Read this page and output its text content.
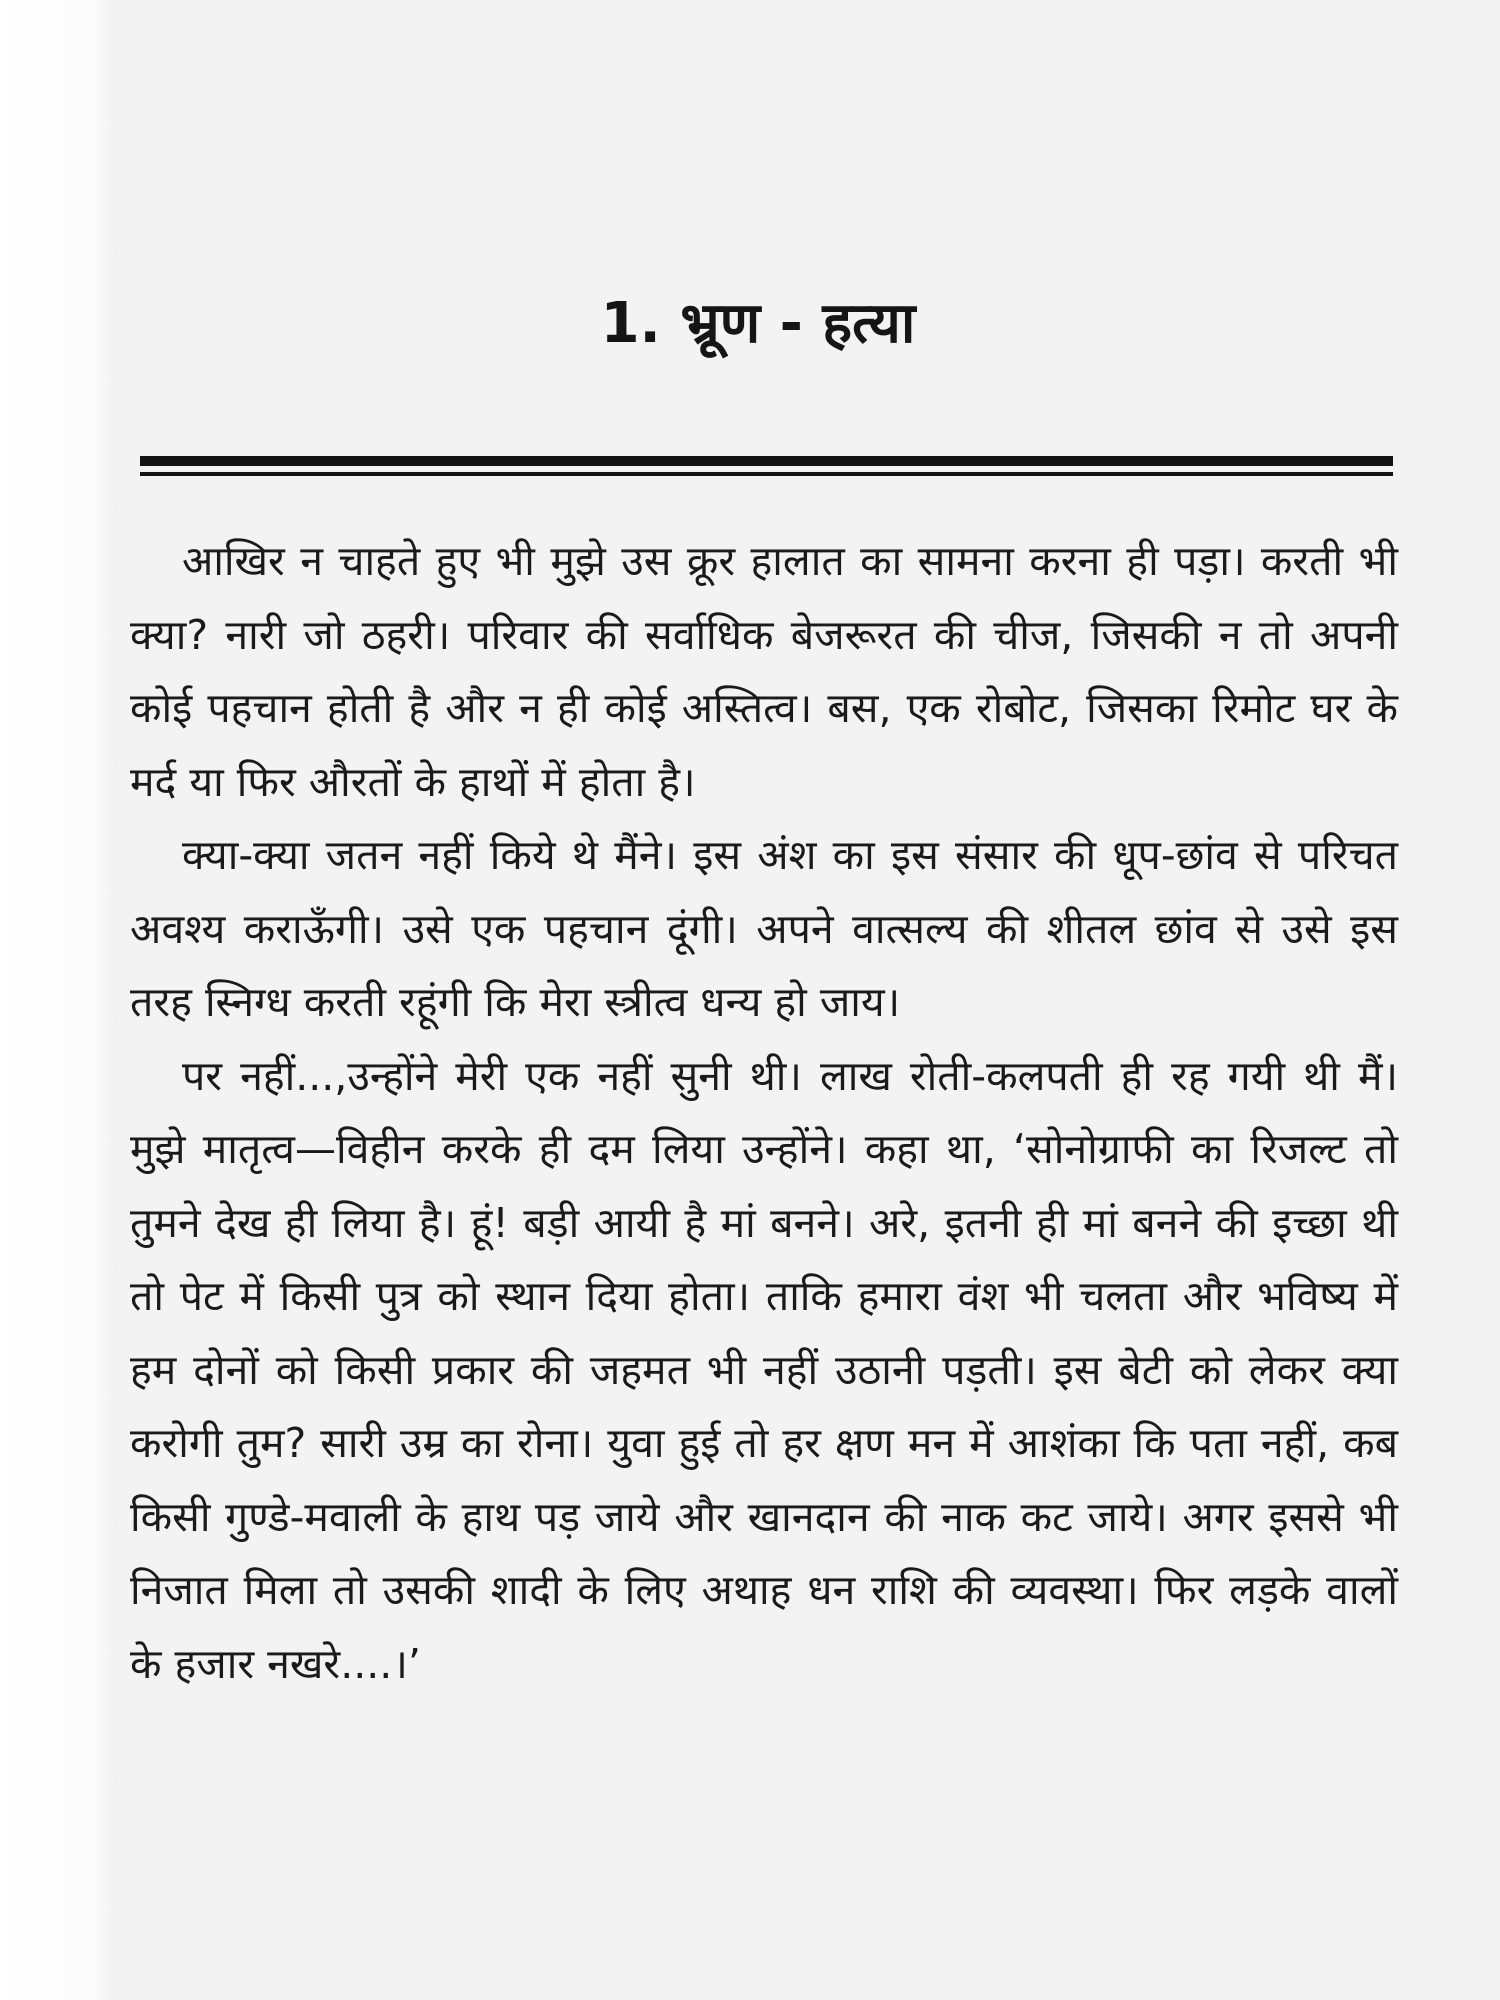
1. भ्रूण - हत्या

आखिर न चाहते हुए भी मुझे उस क्रूर हालात का सामना करना ही पड़ा। करती भी क्या? नारी जो ठहरी। परिवार की सर्वाधिक बेजरूरत की चीज, जिसकी न तो अपनी कोई पहचान होती है और न ही कोई अस्तित्व। बस, एक रोबोट, जिसका रिमोट घर के मर्द या फिर औरतों के हाथों में होता है।

क्या-क्या जतन नहीं किये थे मैंने। इस अंश का इस संसार की धूप-छांव से परिचत अवश्य कराऊँगी। उसे एक पहचान दूंगी। अपने वात्सल्य की शीतल छांव से उसे इस तरह स्निग्ध करती रहूंगी कि मेरा स्त्रीत्व धन्य हो जाय।

पर नहीं...,उन्होंने मेरी एक नहीं सुनी थी। लाख रोती-कलपती ही रह गयी थी मैं। मुझे मातृत्व—विहीन करके ही दम लिया उन्होंने। कहा था, ‘सोनोग्राफी का रिजल्ट तो तुमने देख ही लिया है। हूं! बड़ी आयी है मां बनने। अरे, इतनी ही मां बनने की इच्छा थी तो पेट में किसी पुत्र को स्थान दिया होता। ताकि हमारा वंश भी चलता और भविष्य में हम दोनों को किसी प्रकार की जहमत भी नहीं उठानी पड़ती। इस बेटी को लेकर क्या करोगी तुम? सारी उम्र का रोना। युवा हुई तो हर क्षण मन में आशंका कि पता नहीं, कब किसी गुण्डे-मवाली के हाथ पड़ जाये और खानदान की नाक कट जाये। अगर इससे भी निजात मिला तो उसकी शादी के लिए अथाह धन राशि की व्यवस्था। फिर लड़के वालों के हजार नखरे....।’
